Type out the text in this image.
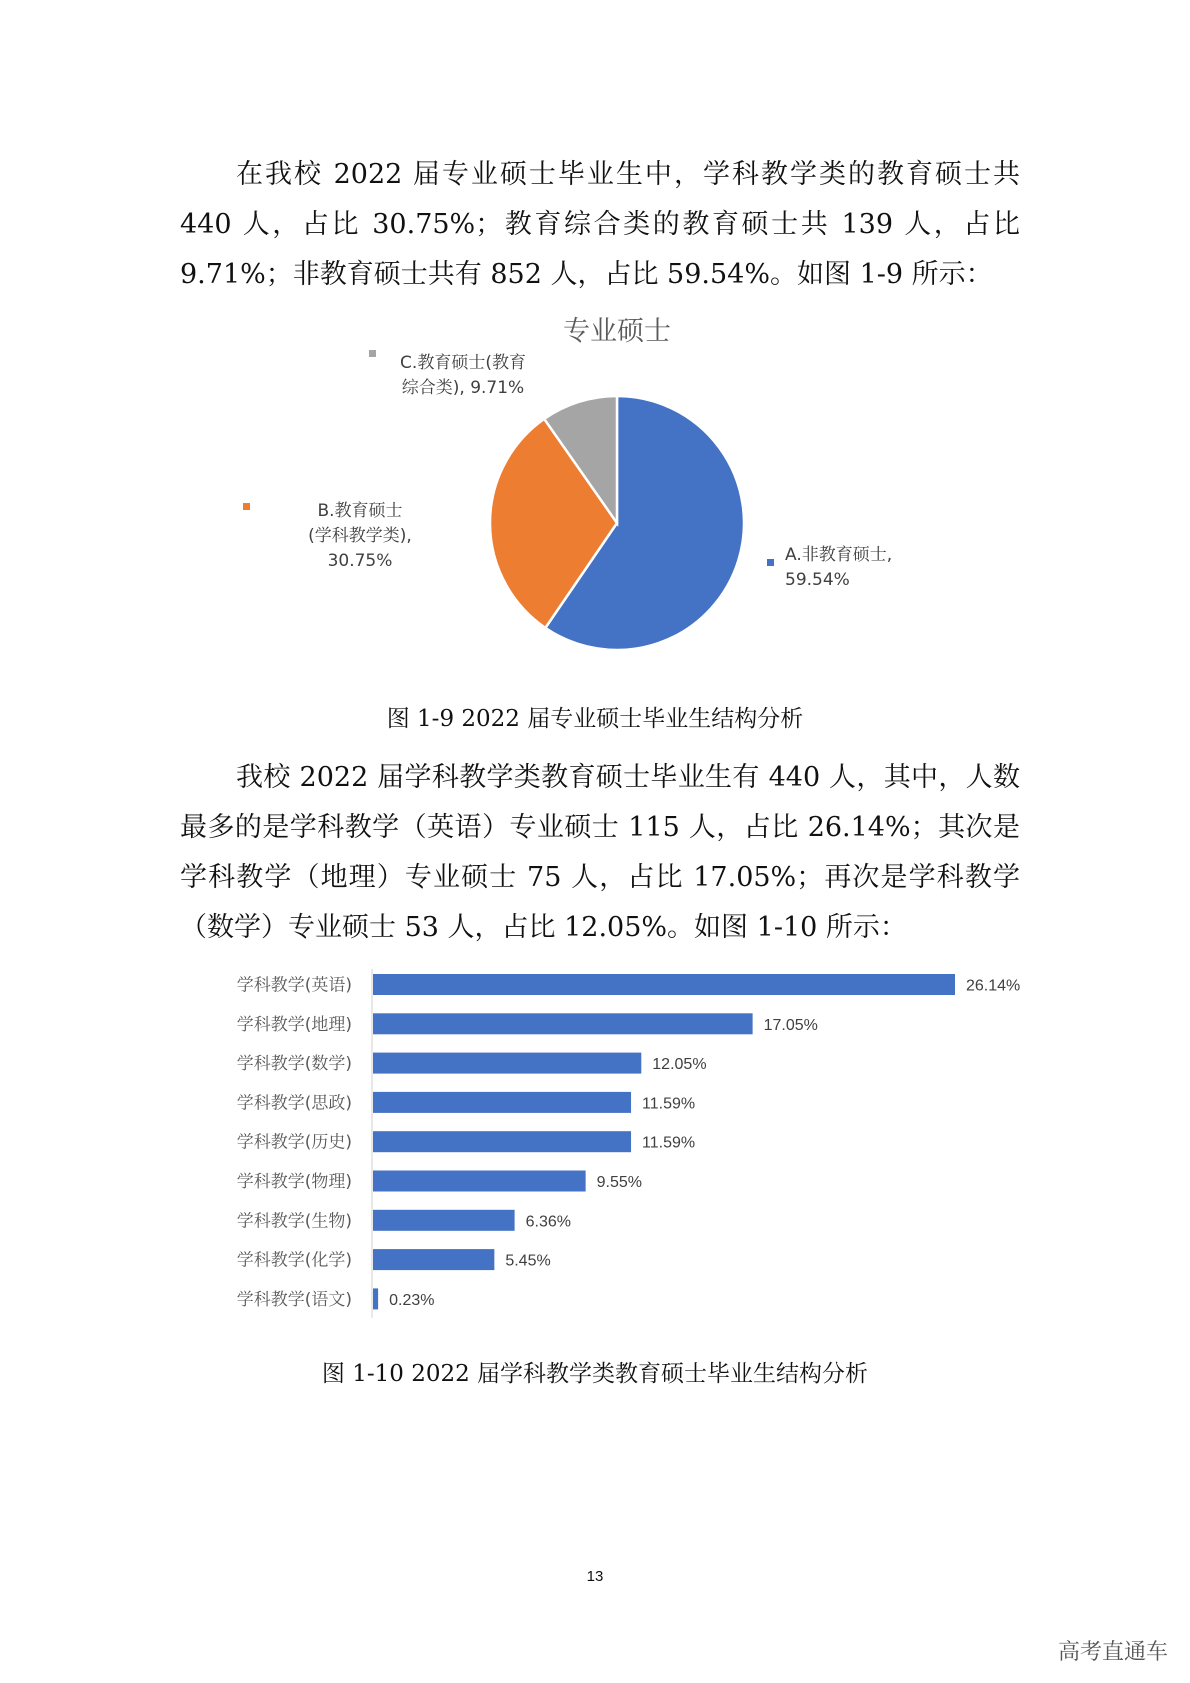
在我校 2022 届专业硕士毕业生中，学科教学类的教育硕士共 440 人，占比 30.75%；教育综合类的教育硕士共 139 人，占比 9.71%；非教育硕士共有 852 人，占比 59.54%。如图 1-9 所示：

专业硕士
A.非教育硕士, 59.54%
B.教育硕士(学科教学类), 30.75%
C.教育硕士(教育综合类), 9.71%

图 1-9 2022 届专业硕士毕业生结构分析

我校 2022 届学科教学类教育硕士毕业生有 440 人，其中，人数最多的是学科教学（英语）专业硕士 115 人，占比 26.14%；其次是学科教学（地理）专业硕士 75 人，占比 17.05%；再次是学科教学（数学）专业硕士 53 人，占比 12.05%。如图 1-10 所示：

学科教学(英语)	26.14%
学科教学(地理)	17.05%
学科教学(数学)	12.05%
学科教学(思政)	11.59%
学科教学(历史)	11.59%
学科教学(物理)	9.55%
学科教学(生物)	6.36%
学科教学(化学)	5.45%
学科教学(语文) 0.23%

图 1-10 2022 届学科教学类教育硕士毕业生结构分析

13
高考直通车
